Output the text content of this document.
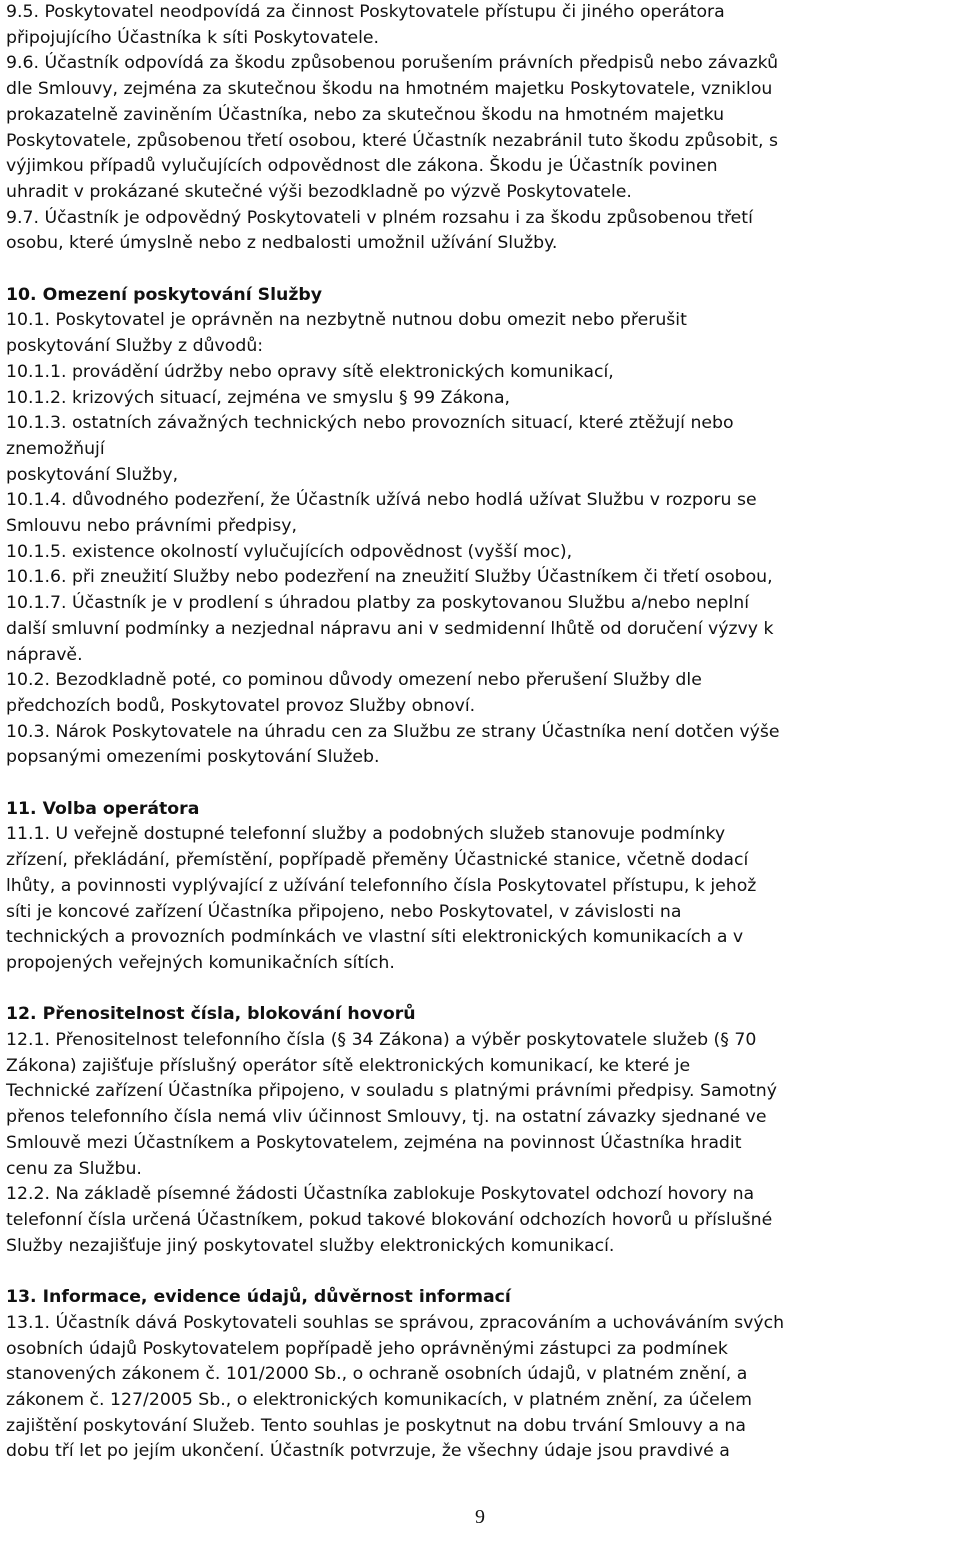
9.5. Poskytovatel neodpovídá za činnost Poskytovatele přístupu či jiného operátora
připojujícího Účastníka k síti Poskytovatele.
9.6. Účastník odpovídá za škodu způsobenou porušením právních předpisů nebo závazků
dle Smlouvy, zejména za skutečnou škodu na hmotném majetku Poskytovatele, vzniklou
prokazatelně zaviněním Účastníka, nebo za skutečnou škodu na hmotném majetku
Poskytovatele, způsobenou třetí osobou, které Účastník nezabránil tuto škodu způsobit, s
výjimkou případů vylučujících odpovědnost dle zákona. Škodu je Účastník povinen
uhradit v prokázané skutečné výši bezodkladně po výzvě Poskytovatele.
9.7. Účastník je odpovědný Poskytovateli v plném rozsahu i za škodu způsobenou třetí
osobu, které úmyslně nebo z nedbalosti umožnil užívání Služby.
10. Omezení poskytování Služby
10.1. Poskytovatel je oprávněn na nezbytně nutnou dobu omezit nebo přerušit
poskytování Služby z důvodů:
10.1.1. provádění údržby nebo opravy sítě elektronických komunikací,
10.1.2. krizových situací, zejména ve smyslu § 99 Zákona,
10.1.3. ostatních závažných technických nebo provozních situací, které ztěžují nebo
znemožňují
poskytování Služby,
10.1.4. důvodného podezření, že Účastník užívá nebo hodlá užívat Službu v rozporu se
Smlouvu nebo právními předpisy,
10.1.5. existence okolností vylučujících odpovědnost (vyšší moc),
10.1.6. při zneužití Služby nebo podezření na zneužití Služby Účastníkem či třetí osobou,
10.1.7. Účastník je v prodlení s úhradou platby za poskytovanou Službu a/nebo neplní
další smluvní podmínky a nezjednal nápravu ani v sedmidenní lhůtě od doručení výzvy k
nápravě.
10.2. Bezodkladně poté, co pominou důvody omezení nebo přerušení Služby dle
předchozích bodů, Poskytovatel provoz Služby obnoví.
10.3. Nárok Poskytovatele na úhradu cen za Službu ze strany Účastníka není dotčen výše
popsanými omezeními poskytování Služeb.
11. Volba operátora
11.1. U veřejně dostupné telefonní služby a podobných služeb stanovuje podmínky
zřízení, překládání, přemístění, popřípadě přeměny Účastnické stanice, včetně dodací
lhůty, a povinnosti vyplývající z užívání telefonního čísla Poskytovatel přístupu, k jehož
síti je koncové zařízení Účastníka připojeno, nebo Poskytovatel, v závislosti na
technických a provozních podmínkách ve vlastní síti elektronických komunikacích a v
propojených veřejných komunikačních sítích.
12. Přenositelnost čísla, blokování hovorů
12.1. Přenositelnost telefonního čísla (§ 34 Zákona) a výběr poskytovatele služeb (§ 70
Zákona) zajišťuje příslušný operátor sítě elektronických komunikací, ke které je
Technické zařízení Účastníka připojeno, v souladu s platnými právními předpisy. Samotný
přenos telefonního čísla nemá vliv účinnost Smlouvy, tj. na ostatní závazky sjednané ve
Smlouvě mezi Účastníkem a Poskytovatelem, zejména na povinnost Účastníka hradit
cenu za Službu.
12.2. Na základě písemné žádosti Účastníka zablokuje Poskytovatel odchozí hovory na
telefonní čísla určená Účastníkem, pokud takové blokování odchozích hovorů u příslušné
Služby nezajišťuje jiný poskytovatel služby elektronických komunikací.
13. Informace, evidence údajů, důvěrnost informací
13.1. Účastník dává Poskytovateli souhlas se správou, zpracováním a uchováváním svých
osobních údajů Poskytovatelem popřípadě jeho oprávněnými zástupci za podmínek
stanovených zákonem č. 101/2000 Sb., o ochraně osobních údajů, v platném znění, a
zákonem č. 127/2005 Sb., o elektronických komunikacích, v platném znění, za účelem
zajištění poskytování Služeb. Tento souhlas je poskytnut na dobu trvání Smlouvy a na
dobu tří let po jejím ukončení. Účastník potvrzuje, že všechny údaje jsou pravdivé a
9
